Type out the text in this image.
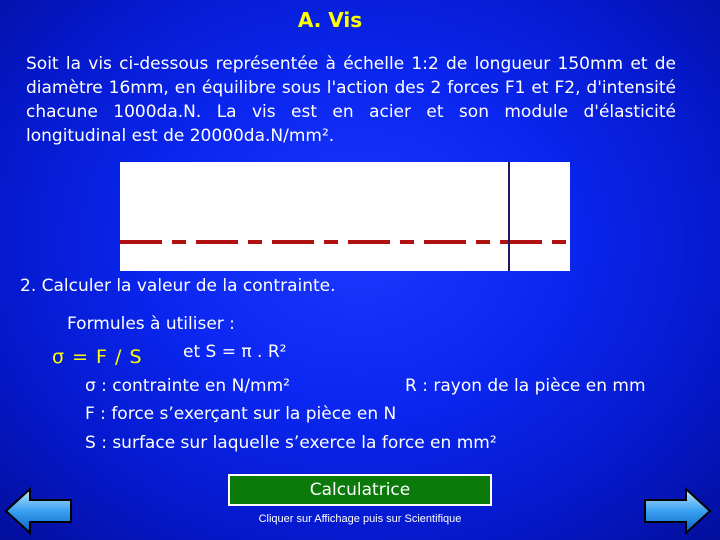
A. Vis
Soit la vis ci-dessous représentée à échelle 1:2 de longueur 150mm et de diamètre 16mm, en équilibre sous l'action des 2 forces F1 et F2, d'intensité chacune 1000da.N. La vis est en acier et son module d'élasticité longitudinal est de 20000da.N/mm².
2. Calculer la valeur de la contrainte.
Formules à utiliser :
σ = F / S et S = π . R²
σ : contrainte en N/mm²	R : rayon de la pièce en mm
F : force s’exerçant sur la pièce en N
S : surface sur laquelle s’exerce la force en mm²
Calculatrice
Cliquer sur Affichage puis sur Scientifique
